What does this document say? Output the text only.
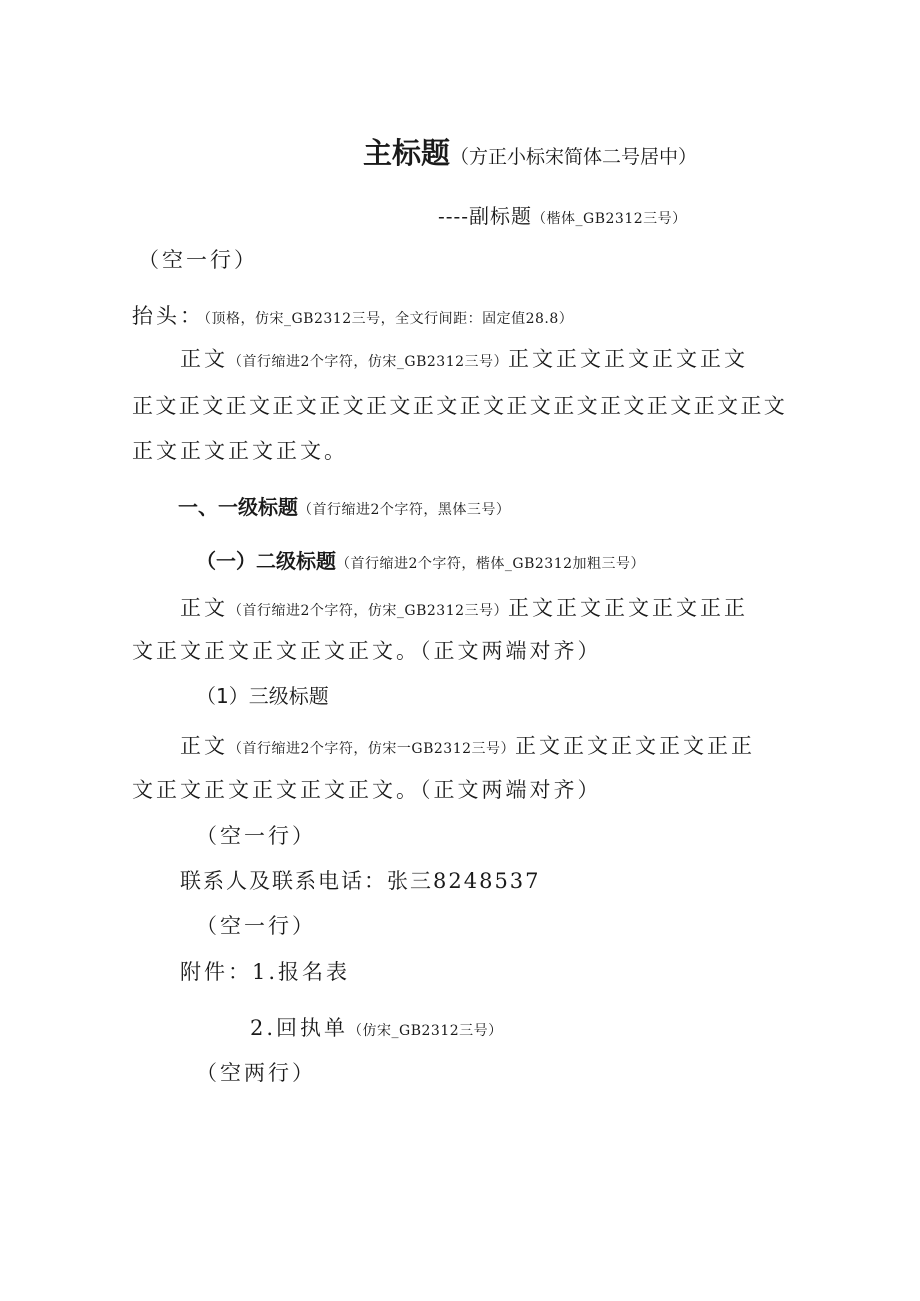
主标题（方正小标宋简体二号居中）
----副标题（楷体_GB2312三号）
（空一行）
抬头：（顶格，仿宋_GB2312三号，全文行间距：固定值28.8）
正文（首行缩进2个字符，仿宋_GB2312三号）正文正文正文正文正文
正文正文正文正文正文正文正文正文正文正文正文正文正文正文
正文正文正文正文。
一、一级标题（首行缩进2个字符，黑体三号）
（一）二级标题（首行缩进2个字符，楷体_GB2312加粗三号）
正文（首行缩进2个字符，仿宋_GB2312三号）正文正文正文正文正正
文正文正文正文正文正文。（正文两端对齐）
（1）三级标题
正文（首行缩进2个字符，仿宋一GB2312三号）正文正文正文正文正正
文正文正文正文正文正文。（正文两端对齐）
（空一行）
联系人及联系电话：张三8248537
（空一行）
附件：1.报名表
2.回执单（仿宋_GB2312三号）
（空两行）
